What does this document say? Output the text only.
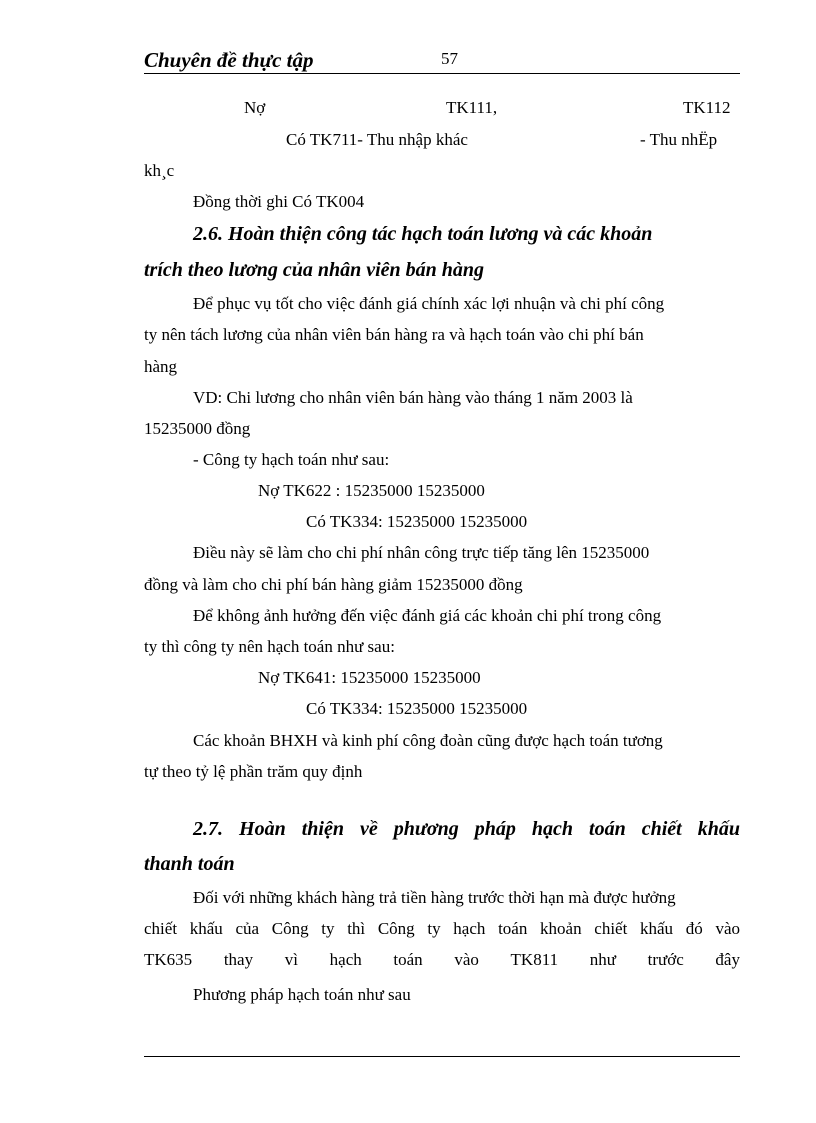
Chuyên đề thực tập	57
Nợ	TK111,	TK112
Có TK711- Thu nhập khác	- Thu nhËp
kh¸c
Đồng thời ghi Có TK004
2.6. Hoàn thiện công tác hạch toán lương và các khoản
trích theo lương của nhân viên bán hàng
Để phục vụ tốt cho việc đánh giá chính xác lợi nhuận và chi phí công
ty nên tách lương của nhân viên bán hàng ra và hạch toán vào chi phí bán
hàng
VD: Chi lương cho nhân viên bán hàng vào tháng 1 năm 2003 là
15235000 đồng
- Công ty hạch toán như sau:
Nợ TK622 : 15235000 15235000
Có TK334: 15235000 15235000
Điều này sẽ làm cho chi phí nhân công trực tiếp tăng lên 15235000
đồng và làm cho chi phí bán hàng giảm 15235000 đồng
Để không ảnh hưởng đến việc đánh giá các khoản chi phí trong công
ty thì công ty nên hạch toán như sau:
Nợ TK641: 15235000 15235000
Có TK334: 15235000 15235000
Các khoản BHXH và kinh phí công đoàn cũng được hạch toán tương
tự theo tỷ lệ phần trăm quy định
2.7. Hoàn thiện về phương pháp hạch toán chiết khấu
thanh toán
Đối với những khách hàng trả tiền hàng trước thời hạn mà được hưởng
chiết khấu của Công ty thì Công ty hạch toán khoản chiết khấu đó vào
TK635 thay vì hạch toán vào TK811 như trước đây
Phương pháp hạch toán như sau
